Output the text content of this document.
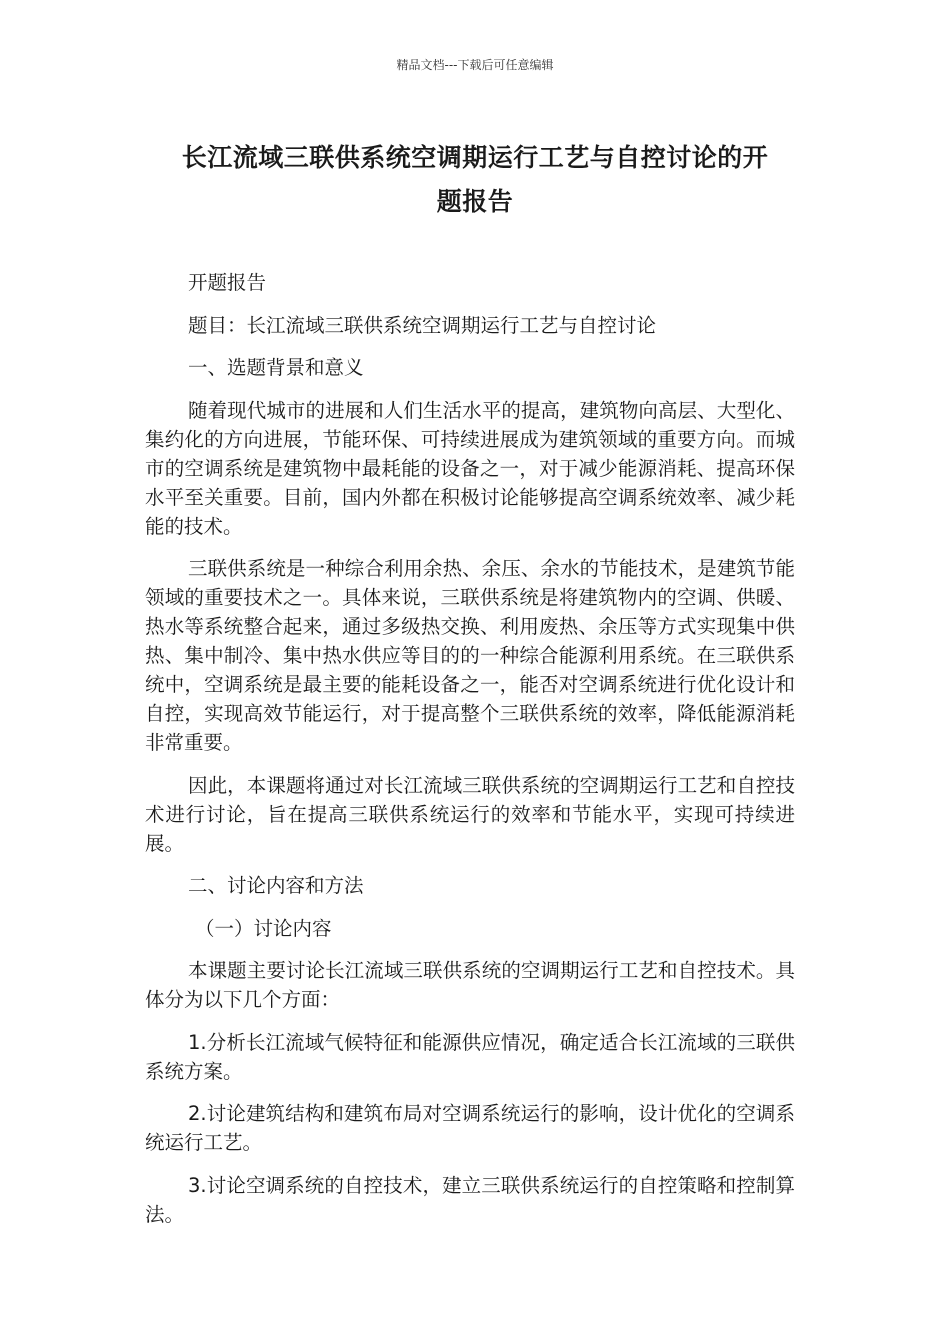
精品文档---下载后可任意编辑
长江流域三联供系统空调期运行工艺与自控讨论的开
题报告

开题报告

题目：长江流域三联供系统空调期运行工艺与自控讨论

一、选题背景和意义

随着现代城市的进展和人们生活水平的提高，建筑物向高层、大型化、集约化的方向进展，节能环保、可持续进展成为建筑领域的重要方向。而城市的空调系统是建筑物中最耗能的设备之一，对于减少能源消耗、提高环保水平至关重要。目前，国内外都在积极讨论能够提高空调系统效率、减少耗能的技术。

三联供系统是一种综合利用余热、余压、余水的节能技术，是建筑节能领域的重要技术之一。具体来说，三联供系统是将建筑物内的空调、供暖、热水等系统整合起来，通过多级热交换、利用废热、余压等方式实现集中供热、集中制冷、集中热水供应等目的的一种综合能源利用系统。在三联供系统中，空调系统是最主要的能耗设备之一，能否对空调系统进行优化设计和自控，实现高效节能运行，对于提高整个三联供系统的效率，降低能源消耗非常重要。

因此，本课题将通过对长江流域三联供系统的空调期运行工艺和自控技术进行讨论，旨在提高三联供系统运行的效率和节能水平，实现可持续进展。

二、讨论内容和方法

（一）讨论内容

本课题主要讨论长江流域三联供系统的空调期运行工艺和自控技术。具体分为以下几个方面：

1.分析长江流域气候特征和能源供应情况，确定适合长江流域的三联供系统方案。

2.讨论建筑结构和建筑布局对空调系统运行的影响，设计优化的空调系统运行工艺。

3.讨论空调系统的自控技术，建立三联供系统运行的自控策略和控制算法。
